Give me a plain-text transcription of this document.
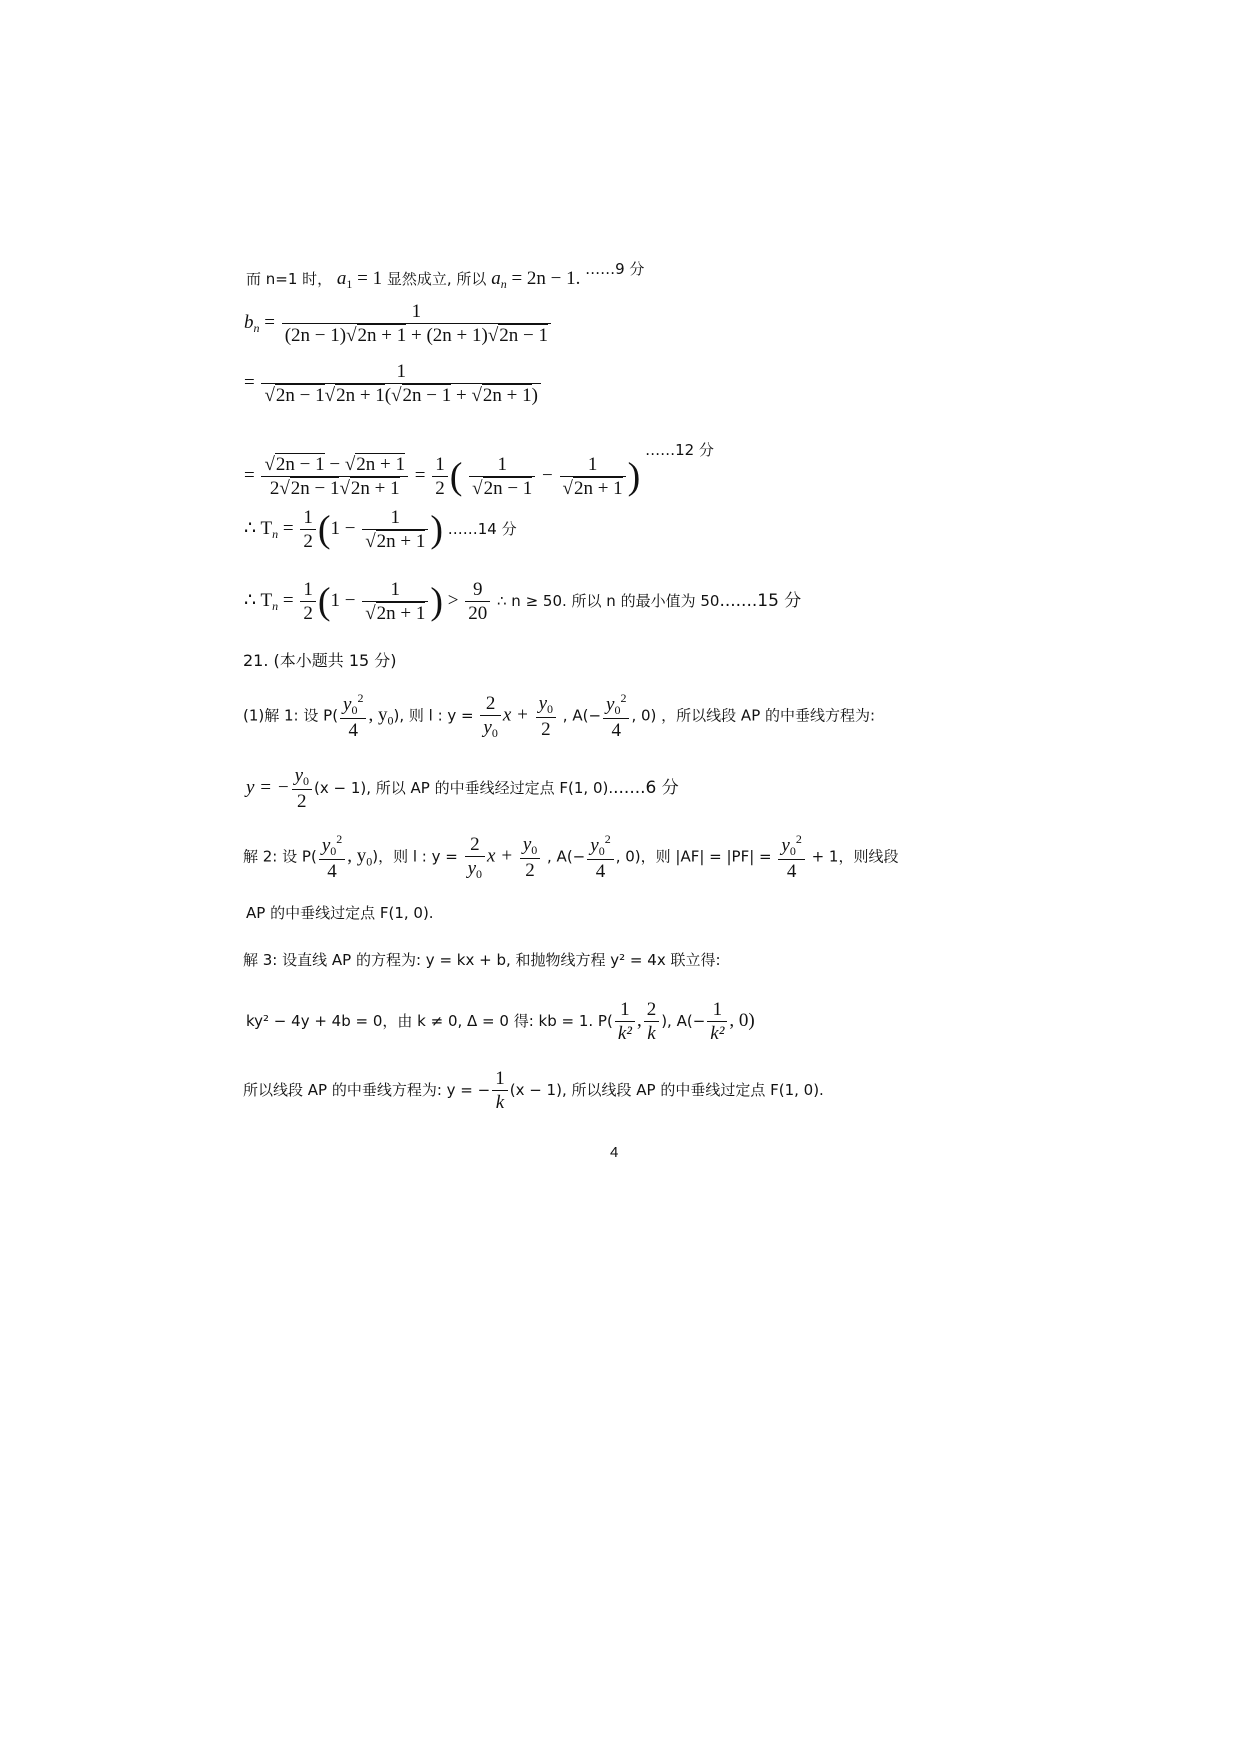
而 n=1 时， $a_1 = 1$ 显然成立, 所以 $a_n = 2n - 1$. $^{\dots\dots 9 分}$
$b_n = \frac{1}{(2n - 1)√2n + 1 + (2n + 1)√2n - 1}$
= $\frac{1}{√2n - 1√2n + 1(√2n - 1 + √2n + 1)}$
= $\frac{√2n - 1 - √2n + 1}{2√2n - 1√2n + 1} = \frac{1}{2}$ ( $\frac{1}{√2n - 1} - \frac{1}{√2n + 1}$ ) $^{\dots\dots 12 分}$
∴ $T_n = \frac{1}{2} (1 - \frac{1}{√2n + 1}$ ) ……14 分
∴ $T_n = \frac{1}{2} (1 - \frac{1}{√2n + 1}$ ) > $\frac{9}{20}$ ∴ n ≥ 50. 所以 n 的最小值为 50.......15 分
21. (本小题共 15 分)
(1)解 1: 设 $P( \frac{y_0^2}{4}$ , $y_0$), 则 l : $y = \frac{2}{y_0}$ $x + \frac{y_0}{2}$ , $A(- \frac{y_0^2}{4}$ , 0) ，所以线段 AP 的中垂线方程为:
y = − $\frac{y_0}{2} (x - 1)$, 所以 AP 的中垂线经过定点 F(1, 0).......6 分
解 2: 设 $P( \frac{y_0^2}{4}$ , $y_0$)，则 l : $y = \frac{2}{y_0}$ $x + \frac{y_0}{2}$ , $A(- \frac{y_0^2}{4}$ , 0)，则 $|AF| = |PF| = \frac{y_0^2}{4} + 1$，则线段
AP 的中垂线过定点 F(1, 0).
解 3: 设直线 AP 的方程为: y = kx + b, 和抛物线方程 y² = 4x 联立得:
ky² − 4y + 4b = 0，由 k ≠ 0, Δ = 0 得: kb = 1. $P( \frac{1}{\text{k²}}$ , $\frac{2}{k}$ ), $A(- \frac{1}{\text{k²}}$ , 0)
所以线段 AP 的中垂线方程为: y = − $\frac{1}{k} (x - 1)$, 所以线段 AP 的中垂线过定点 F(1, 0).
4
